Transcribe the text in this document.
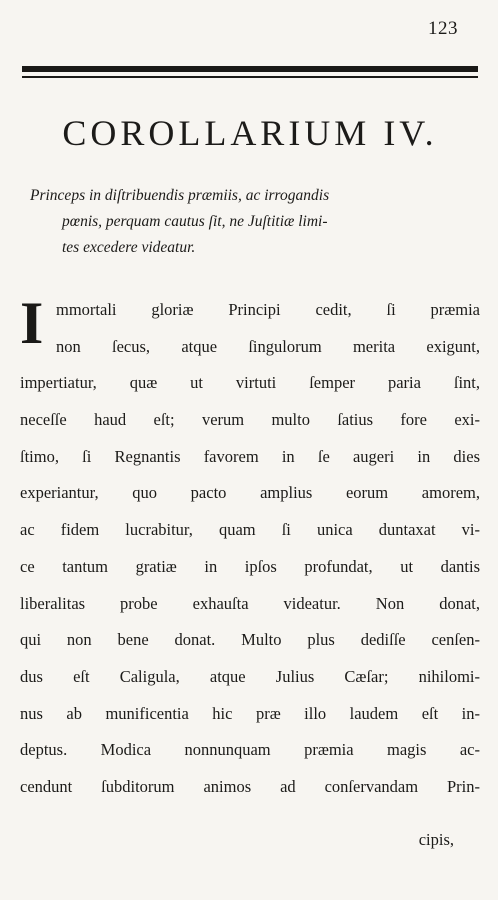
123
COROLLARIUM IV.
Princeps in diſtribuendis præmiis, ac irrogandis
pœnis, perquam cautus ſit, ne Juſtitiæ limi-
tes excedere videatur.
I mmortali gloriæ Principi cedit, ſi præmia
non ſecus, atque ſingulorum merita exigunt,
impertiatur, quæ ut virtuti ſemper paria ſint,
neceſſe haud eſt; verum multo ſatius fore exi-
ſtimo, ſi Regnantis favorem in ſe augeri in dies
experiantur, quo pacto amplius eorum amorem,
ac fidem lucrabitur, quam ſi unica duntaxat vi-
ce tantum gratiæ in ipſos profundat, ut dantis
liberalitas probe exhauſta videatur. Non donat,
qui non bene donat. Multo plus dediſſe cenſen-
dus eſt Caligula, atque Julius Cæſar; nihilomi-
nus ab munificentia hic præ illo laudem eſt in-
deptus. Modica nonnunquam præmia magis ac-
cendunt ſubditorum animos ad conſervandam Prin-
cipis,
